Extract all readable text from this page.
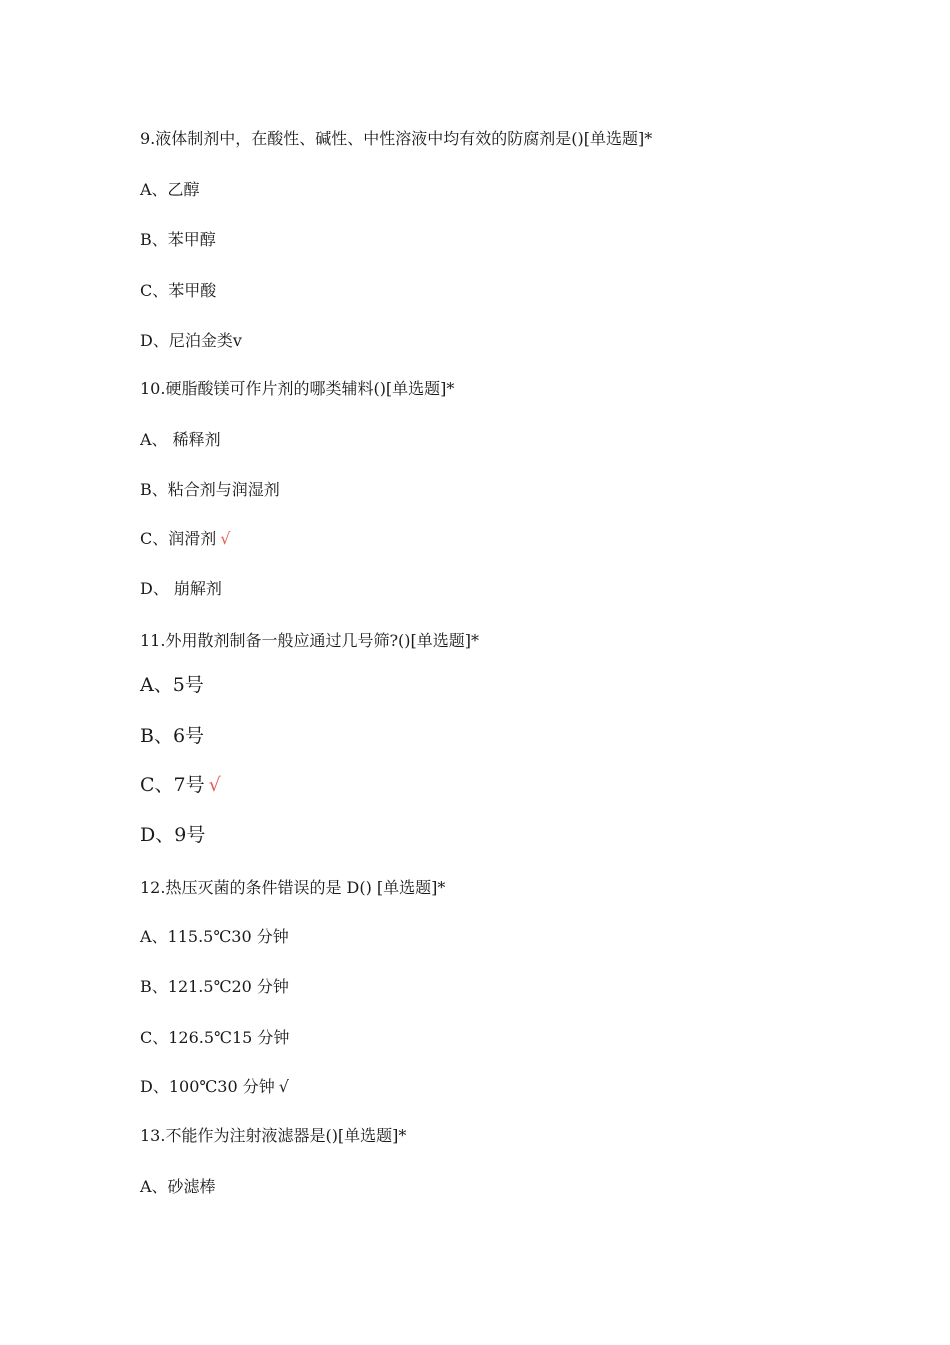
9.液体制剂中，在酸性、碱性、中性溶液中均有效的防腐剂是()[单选题]*
A、乙醇
B、苯甲醇
C、苯甲酸
D、尼泊金类v
10.硬脂酸镁可作片剂的哪类辅料()[单选题]*
A、 稀释剂
B、粘合剂与润湿剂
C、润滑剂 √
D、 崩解剂
11.外用散剂制备一般应通过几号筛?()[单选题]*
A、5号
B、6号
C、7号 √
D、9号
12.热压灭菌的条件错误的是 D() [单选题]*
A、115.5℃30 分钟
B、121.5℃20 分钟
C、126.5℃15 分钟
D、100℃30 分钟 √
13.不能作为注射液滤器是()[单选题]*
A、砂滤棒
